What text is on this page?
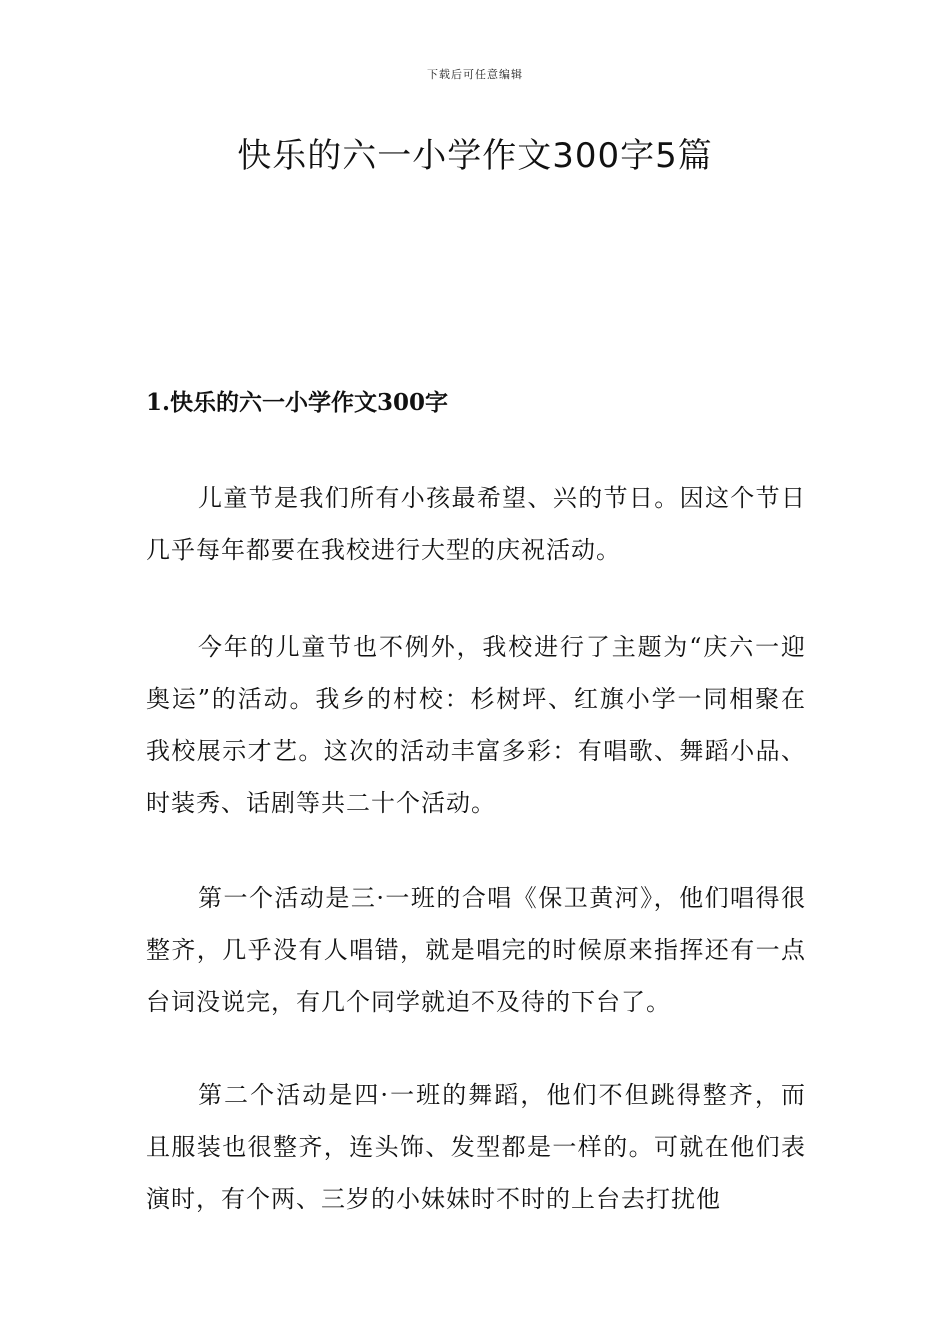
下载后可任意编辑
快乐的六一小学作文300字5篇
1.快乐的六一小学作文300字

儿童节是我们所有小孩最希望、兴的节日。因这个节日几乎每年都要在我校进行大型的庆祝活动。

今年的儿童节也不例外，我校进行了主题为“庆六一迎奥运”的活动。我乡的村校：杉树坪、红旗小学一同相聚在我校展示才艺。这次的活动丰富多彩：有唱歌、舞蹈小品、时装秀、话剧等共二十个活动。

第一个活动是三·一班的合唱《保卫黄河》，他们唱得很整齐，几乎没有人唱错，就是唱完的时候原来指挥还有一点台词没说完，有几个同学就迫不及待的下台了。

第二个活动是四·一班的舞蹈，他们不但跳得整齐，而且服装也很整齐，连头饰、发型都是一样的。可就在他们表演时，有个两、三岁的小妹妹时不时的上台去打扰他
